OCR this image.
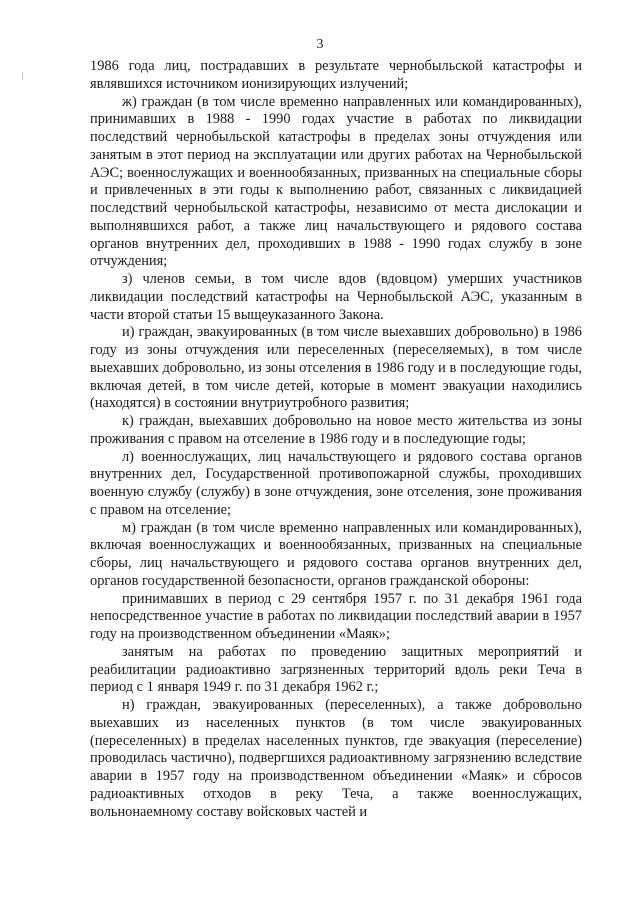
3

1986 года лиц, пострадавших в результате чернобыльской катастрофы и являвшихся источником ионизирующих излучений;

ж) граждан (в том числе временно направленных или командированных), принимавших в 1988 - 1990 годах участие в работах по ликвидации последствий чернобыльской катастрофы в пределах зоны отчуждения или занятым в этот период на эксплуатации или других работах на Чернобыльской АЭС; военнослужащих и военнообязанных, призванных на специальные сборы и привлеченных в эти годы к выполнению работ, связанных с ликвидацией последствий чернобыльской катастрофы, независимо от места дислокации и выполнявшихся работ, а также лиц начальствующего и рядового состава органов внутренних дел, проходивших в 1988 - 1990 годах службу в зоне отчуждения;

з) членов семьи, в том числе вдов (вдовцом) умерших участников ликвидации последствий катастрофы на Чернобыльской АЭС, указанным в части второй статьи 15 выщеуказанного Закона.

и) граждан, эвакуированных (в том числе выехавших добровольно) в 1986 году из зоны отчуждения или переселенных (переселяемых), в том числе выехавших добровольно, из зоны отселения в 1986 году и в последующие годы, включая детей, в том числе детей, которые в момент эвакуации находились (находятся) в состоянии внутриутробного развития;

к) граждан, выехавших добровольно на новое место жительства из зоны проживания с правом на отселение в 1986 году и в последующие годы;

л) военнослужащих, лиц начальствующего и рядового состава органов внутренних дел, Государственной противопожарной службы, проходивших военную службу (службу) в зоне отчуждения, зоне отселения, зоне проживания с правом на отселение;

м) граждан (в том числе временно направленных или командированных), включая военнослужащих и военнообязанных, призванных на специальные сборы, лиц начальствующего и рядового состава органов внутренних дел, органов государственной безопасности, органов гражданской обороны:

принимавших в период с 29 сентября 1957 г. по 31 декабря 1961 года непосредственное участие в работах по ликвидации последствий аварии в 1957 году на производственном объединении «Маяк»;

занятым на работах по проведению защитных мероприятий и реабилитации радиоактивно загрязненных территорий вдоль реки Теча в период с 1 января 1949 г. по 31 декабря 1962 г.;

н) граждан, эвакуированных (переселенных), а также добровольно выехавших из населенных пунктов (в том числе эвакуированных (переселенных) в пределах населенных пунктов, где эвакуация (переселение) проводилась частично), подвергшихся радиоактивному загрязнению вследствие аварии в 1957 году на производственном объединении «Маяк» и сбросов радиоактивных отходов в реку Теча, а также военнослужащих, вольнонаемному составу войсковых частей и
